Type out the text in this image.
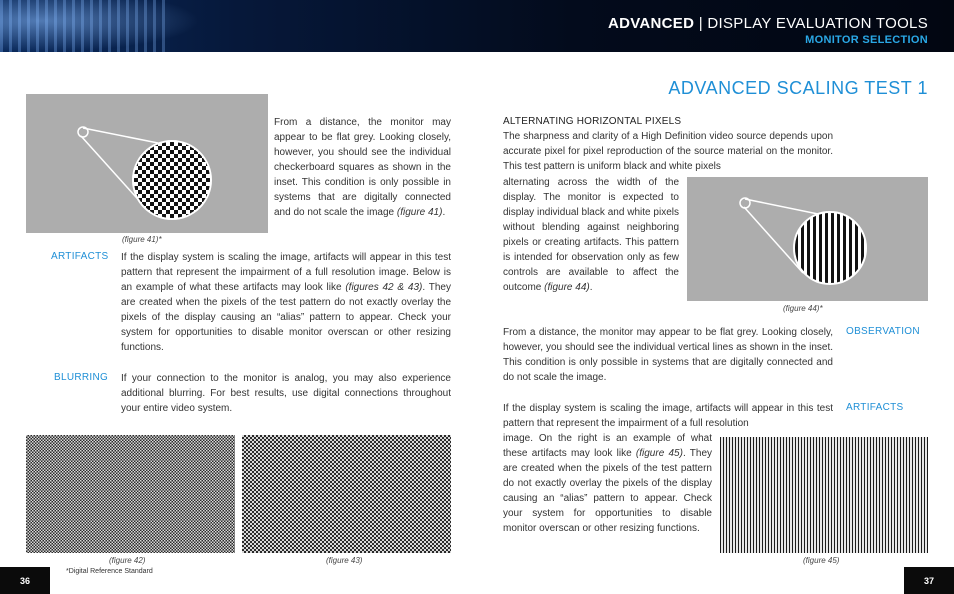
ADVANCED | DISPLAY EVALUATION TOOLS
MONITOR SELECTION
ADVANCED SCALING TEST 1
From a distance, the monitor may appear to be flat grey. Looking closely, however, you should see the individual checkerboard squares as shown in the inset. This condition is only possible in systems that are digitally connected and do not scale the image (figure 41).
(figure 41)*
ARTIFACTS If the display system is scaling the image, artifacts will appear in this test pattern that represent the impairment of a full resolution image. Below is an example of what these artifacts may look like (figures 42 & 43). They are created when the pixels of the test pattern do not exactly overlay the pixels of the display causing an “alias” pattern to appear. Check your system for opportunities to disable monitor overscan or other resizing functions.
BLURRING If your connection to the monitor is analog, you may also experience additional blurring. For best results, use digital connections throughout your entire video system.
(figure 42)	(figure 43)
36
*Digital Reference Standard
ALTERNATING HORIZONTAL PIXELS
The sharpness and clarity of a High Definition video source depends upon accurate pixel for pixel reproduction of the source material on the monitor. This test pattern is uniform black and white pixels
alternating across the width of the display. The monitor is expected to display individual black and white pixels without blending against neighboring pixels or creating artifacts. This pattern is intended for observation only as few controls are available to affect the outcome (figure 44).
(figure 44)*
From a distance, the monitor may appear to be flat grey. Looking closely, however, you should see the individual vertical lines as shown in the inset. This condition is only possible in systems that are digitally connected and do not scale the image.
OBSERVATION
If the display system is scaling the image, artifacts will appear in this test pattern that represent the impairment of a full resolution
ARTIFACTS
image. On the right is an example of what these artifacts may look like (figure 45). They are created when the pixels of the test pattern do not exactly overlay the pixels of the display causing an “alias” pattern to appear. Check your system for opportunities to disable monitor overscan or other resizing functions.
(figure 45)
37
